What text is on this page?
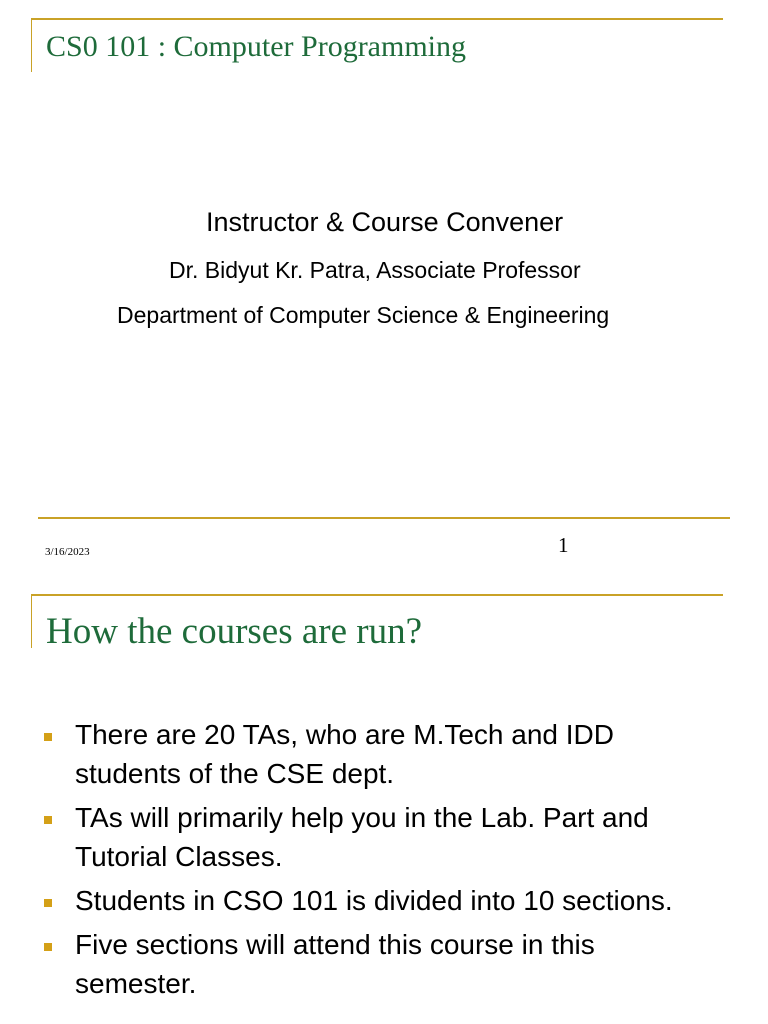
CS0 101 : Computer Programming

Instructor & Course Convener

Dr. Bidyut Kr. Patra, Associate Professor

Department of Computer Science & Engineering

3/16/2023	1
How the courses are run?
There are 20 TAs, who are M.Tech and IDD students of the CSE dept.
TAs will primarily help you in the Lab. Part and Tutorial Classes.
Students in CSO 101 is divided into 10 sections.
Five sections will attend this course in this semester.
